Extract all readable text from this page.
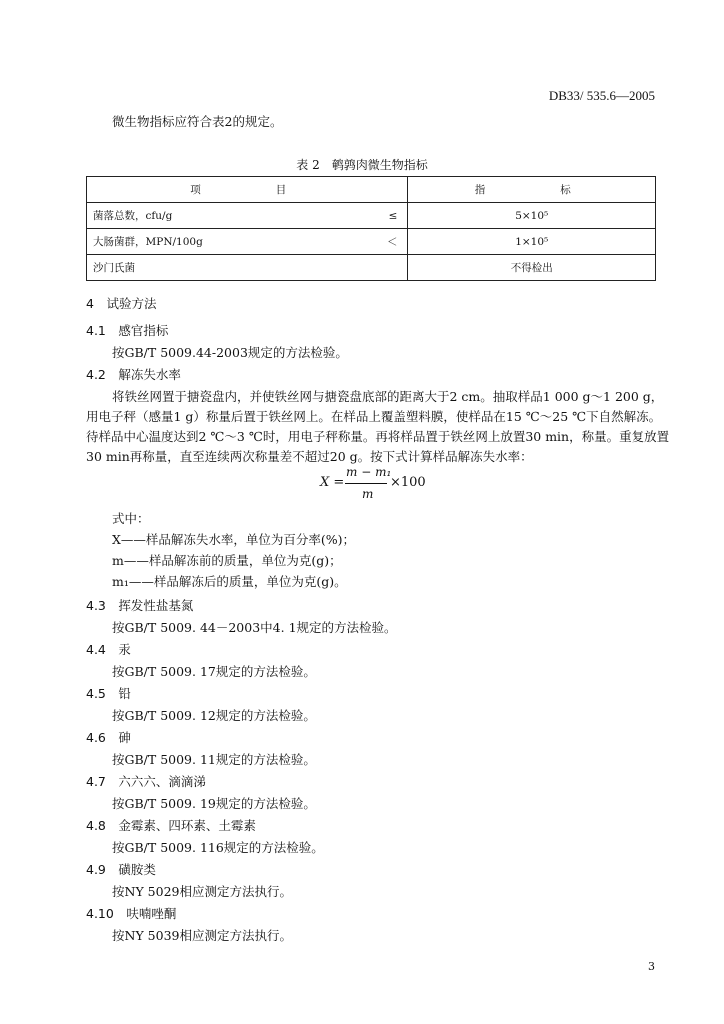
DB33/ 535.6—2005
微生物指标应符合表2的规定。
表 2　鹌鹑肉微生物指标
项　　目		指　　标
菌落总数，cfu/g	≤	5×10⁵
大肠菌群，MPN/100g	＜	1×10⁵
沙门氏菌		不得检出
4　试验方法
4.1　感官指标
按GB/T 5009.44-2003规定的方法检验。
4.2　解冻失水率
将铁丝网置于搪瓷盘内，并使铁丝网与搪瓷盘底部的距离大于2 cm。抽取样品1 000 g～1 200 g，
用电子秤（感量1 g）称量后置于铁丝网上。在样品上覆盖塑料膜，使样品在15 ℃～25 ℃下自然解冻。
待样品中心温度达到2 ℃～3 ℃时，用电子秤称量。再将样品置于铁丝网上放置30 min，称量。重复放置
30 min再称量，直至连续两次称量差不超过20 g。按下式计算样品解冻失水率：
X =
m − m₁
m
×100
式中：
X——样品解冻失水率，单位为百分率(%)；
m——样品解冻前的质量，单位为克(g)；
m₁——样品解冻后的质量，单位为克(g)。
4.3　挥发性盐基氮
按GB/T 5009. 44－2003中4. 1规定的方法检验。
4.4　汞
按GB/T 5009. 17规定的方法检验。
4.5　铅
按GB/T 5009. 12规定的方法检验。
4.6　砷
按GB/T 5009. 11规定的方法检验。
4.7　六六六、滴滴涕
按GB/T 5009. 19规定的方法检验。
4.8　金霉素、四环素、土霉素
按GB/T 5009. 116规定的方法检验。
4.9　磺胺类
按NY 5029相应测定方法执行。
4.10　呋喃唑酮
按NY 5039相应测定方法执行。
3
